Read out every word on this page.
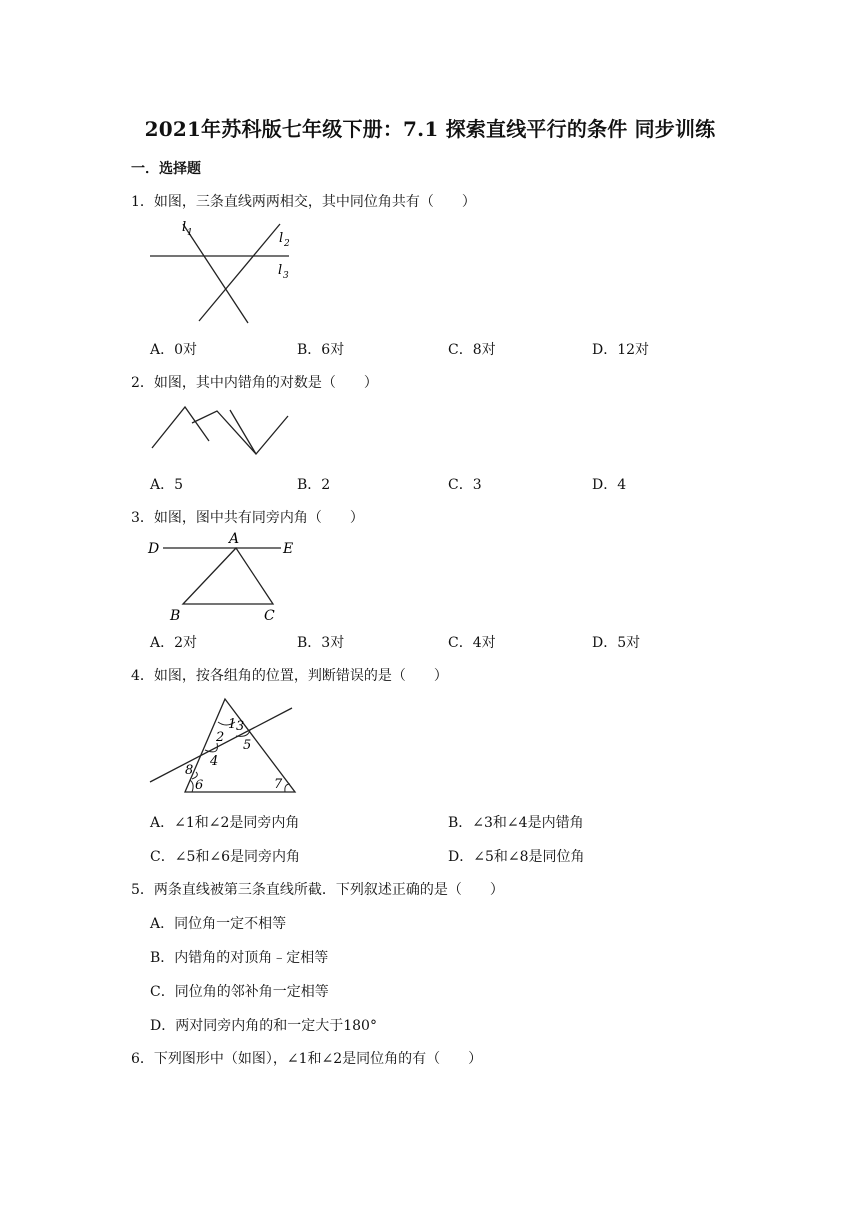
2021年苏科版七年级下册：7.1 探索直线平行的条件 同步训练
一．选择题
1．如图，三条直线两两相交，其中同位角共有（　　）
l 1	l 2
l 3
A．0对	B．6对	C．8对	D．12对
2．如图，其中内错角的对数是（　　）
A．5	B．2	C．3	D．4
3．如图，图中共有同旁内角（　　）
D
A
E
B	C
A．2对	B．3对	C．4对	D．5对
4．如图，按各组角的位置，判断错误的是（　　）
1 3
2
5
4
8
6	7
A．∠1和∠2是同旁内角	B．∠3和∠4是内错角
C．∠5和∠6是同旁内角	D．∠5和∠8是同位角
5．两条直线被第三条直线所截．下列叙述正确的是（　　）
A．同位角一定不相等
B．内错角的对顶角﹣定相等
C．同位角的邻补角一定相等
D．两对同旁内角的和一定大于180°
6．下列图形中（如图），∠1和∠2是同位角的有（　　）
